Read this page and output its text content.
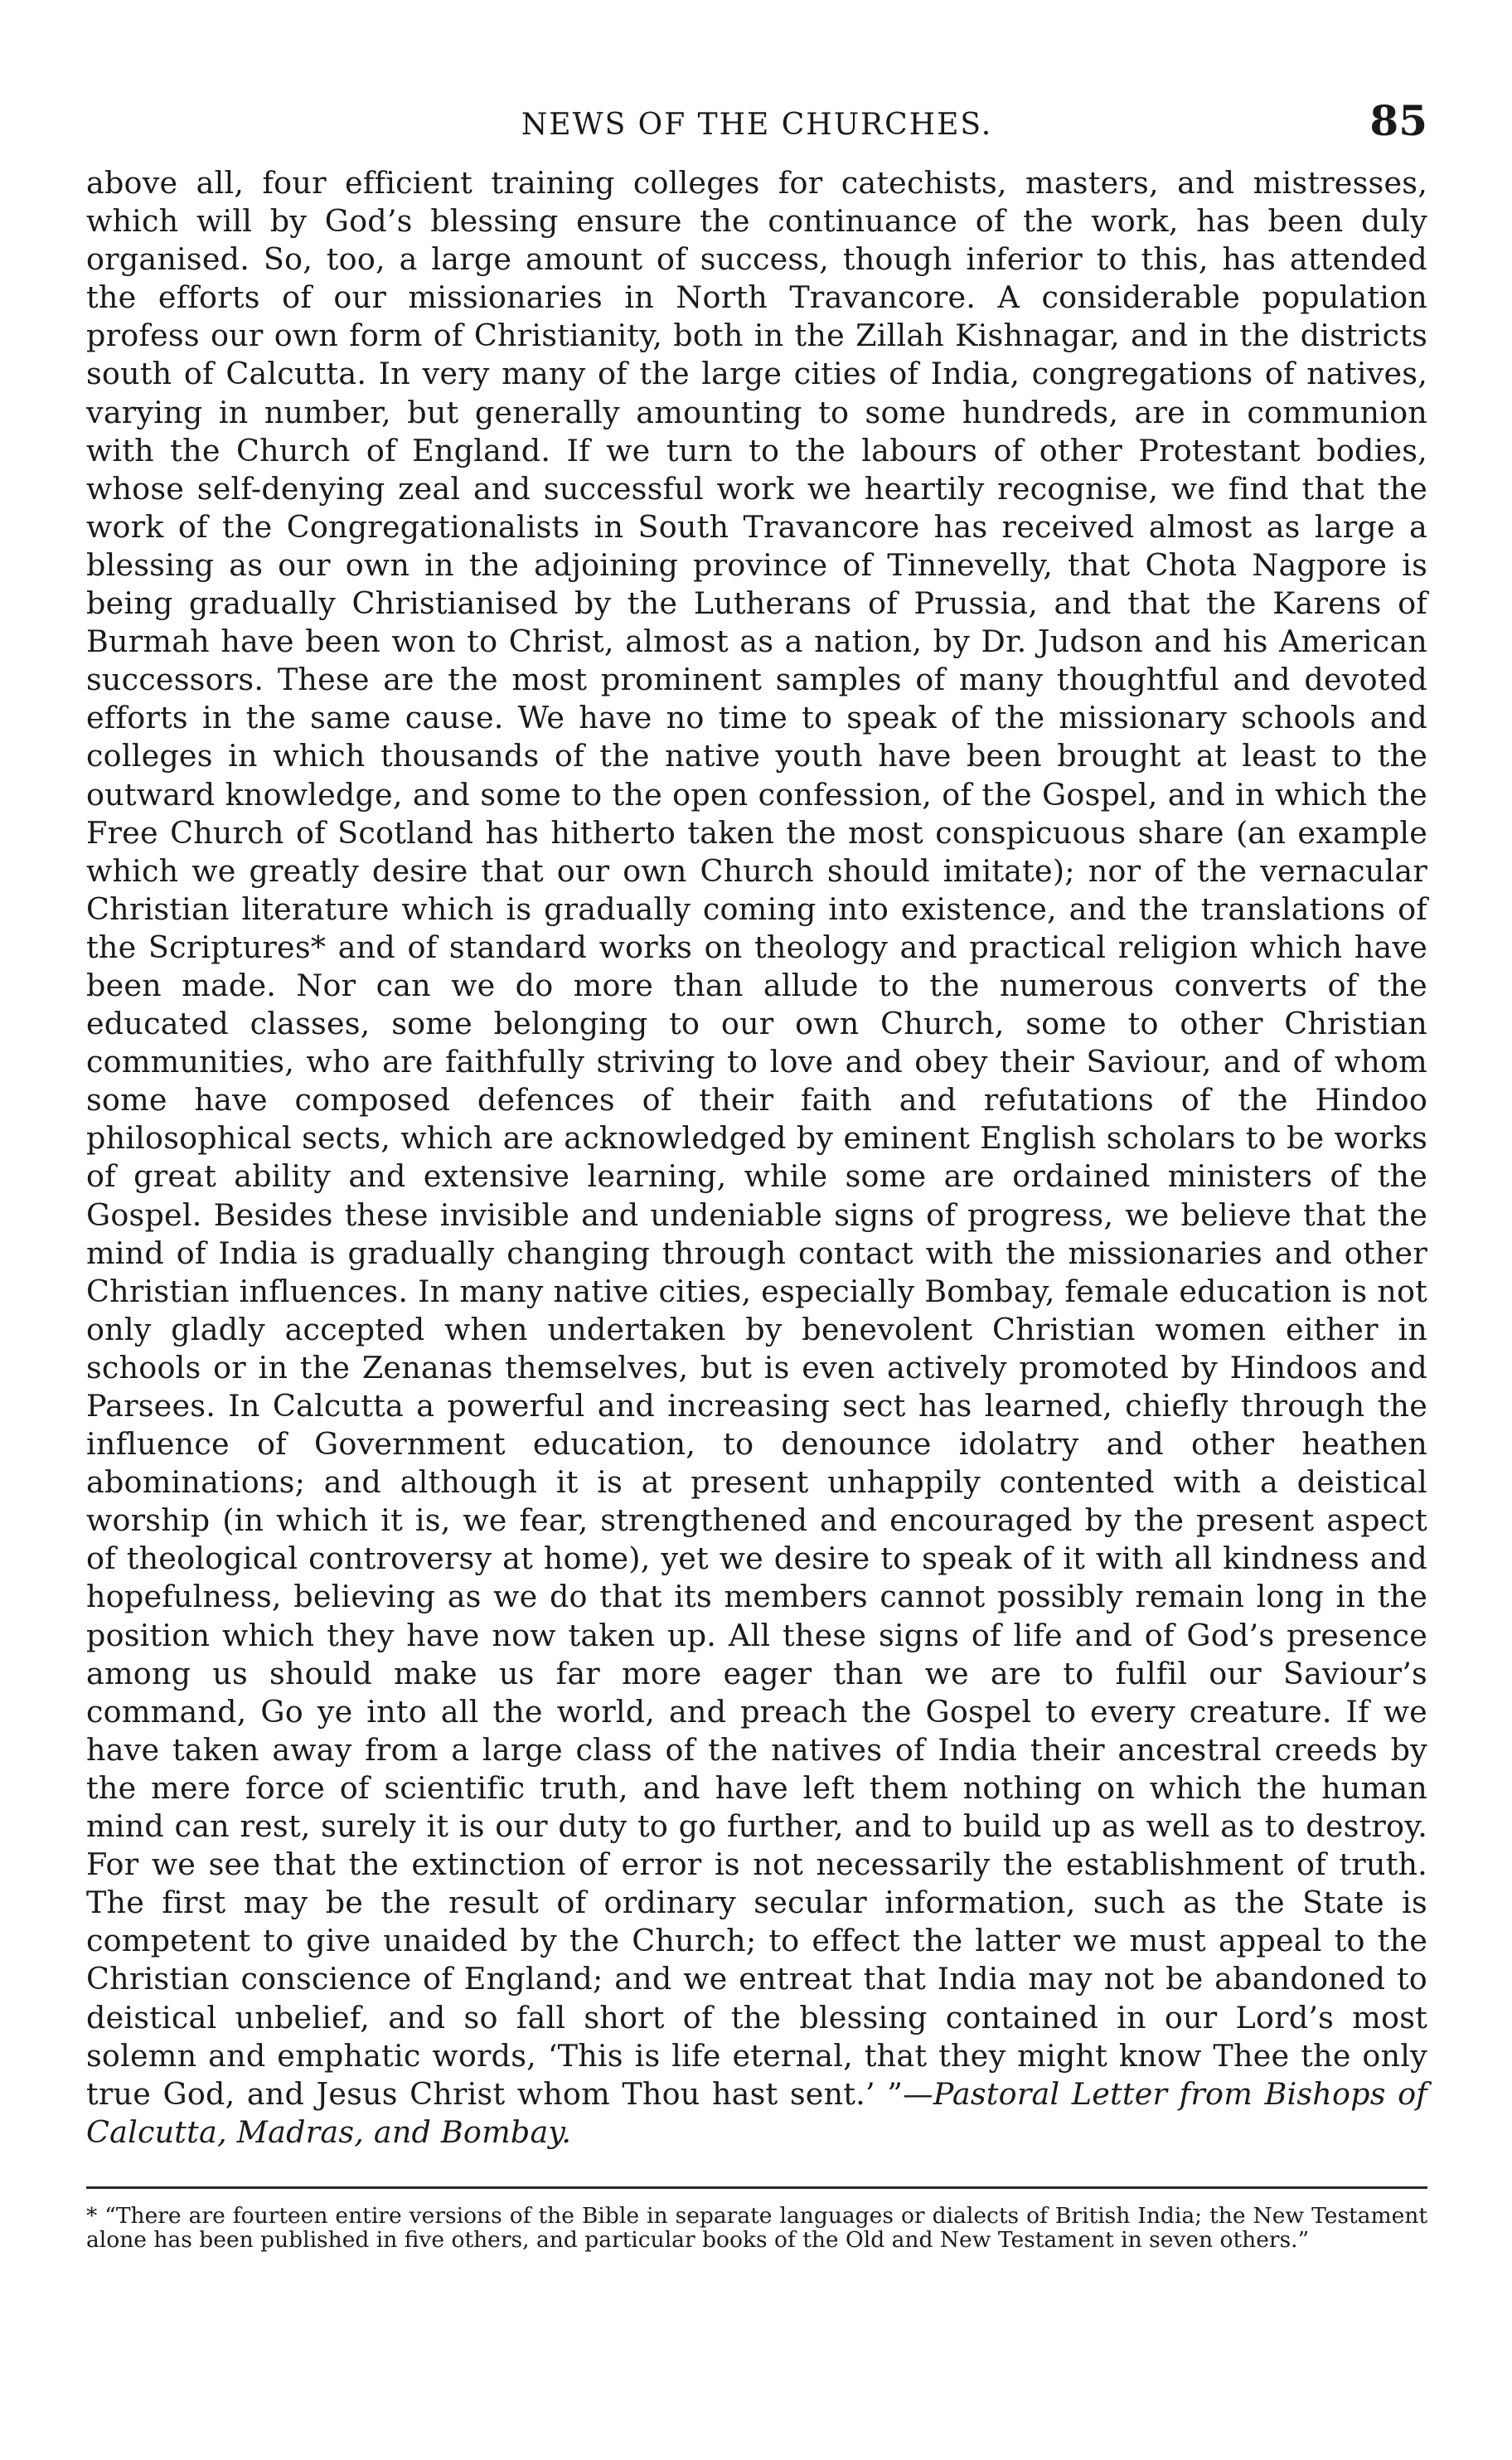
NEWS OF THE CHURCHES.	85

above all, four efficient training colleges for catechists, masters, and mistresses, which will by God’s blessing ensure the continuance of the work, has been duly organised. So, too, a large amount of success, though inferior to this, has attended the efforts of our missionaries in North Travancore. A considerable population profess our own form of Christianity, both in the Zillah Kishnagar, and in the districts south of Calcutta. In very many of the large cities of India, congregations of natives, varying in number, but generally amounting to some hundreds, are in communion with the Church of England. If we turn to the labours of other Protestant bodies, whose self-denying zeal and successful work we heartily recognise, we find that the work of the Congregationalists in South Travancore has received almost as large a blessing as our own in the adjoining province of Tinnevelly, that Chota Nagpore is being gradually Christianised by the Lutherans of Prussia, and that the Karens of Burmah have been won to Christ, almost as a nation, by Dr. Judson and his American successors. These are the most prominent samples of many thoughtful and devoted efforts in the same cause. We have no time to speak of the missionary schools and colleges in which thousands of the native youth have been brought at least to the outward knowledge, and some to the open confession, of the Gospel, and in which the Free Church of Scotland has hitherto taken the most conspicuous share (an example which we greatly desire that our own Church should imitate); nor of the vernacular Christian literature which is gradually coming into existence, and the translations of the Scriptures* and of standard works on theology and practical religion which have been made. Nor can we do more than allude to the numerous converts of the educated classes, some belonging to our own Church, some to other Christian communities, who are faithfully striving to love and obey their Saviour, and of whom some have composed defences of their faith and refutations of the Hindoo philosophical sects, which are acknowledged by eminent English scholars to be works of great ability and extensive learning, while some are ordained ministers of the Gospel. Besides these invisible and undeniable signs of progress, we believe that the mind of India is gradually changing through contact with the missionaries and other Christian influences. In many native cities, especially Bombay, female education is not only gladly accepted when undertaken by benevolent Christian women either in schools or in the Zenanas themselves, but is even actively promoted by Hindoos and Parsees. In Calcutta a powerful and increasing sect has learned, chiefly through the influence of Government education, to denounce idolatry and other heathen abominations; and although it is at present unhappily contented with a deistical worship (in which it is, we fear, strengthened and encouraged by the present aspect of theological controversy at home), yet we desire to speak of it with all kindness and hopefulness, believing as we do that its members cannot possibly remain long in the position which they have now taken up. All these signs of life and of God’s presence among us should make us far more eager than we are to fulfil our Saviour’s command, Go ye into all the world, and preach the Gospel to every creature. If we have taken away from a large class of the natives of India their ancestral creeds by the mere force of scientific truth, and have left them nothing on which the human mind can rest, surely it is our duty to go further, and to build up as well as to destroy. For we see that the extinction of error is not necessarily the establishment of truth. The first may be the result of ordinary secular information, such as the State is competent to give unaided by the Church; to effect the latter we must appeal to the Christian conscience of England; and we entreat that India may not be abandoned to deistical unbelief, and so fall short of the blessing contained in our Lord’s most solemn and emphatic words, ‘This is life eternal, that they might know Thee the only true God, and Jesus Christ whom Thou hast sent.’ ”—Pastoral Letter from Bishops of Calcutta, Madras, and Bombay.

* “There are fourteen entire versions of the Bible in separate languages or dialects of British India; the New Testament alone has been published in five others, and particular books of the Old and New Testament in seven others.”
